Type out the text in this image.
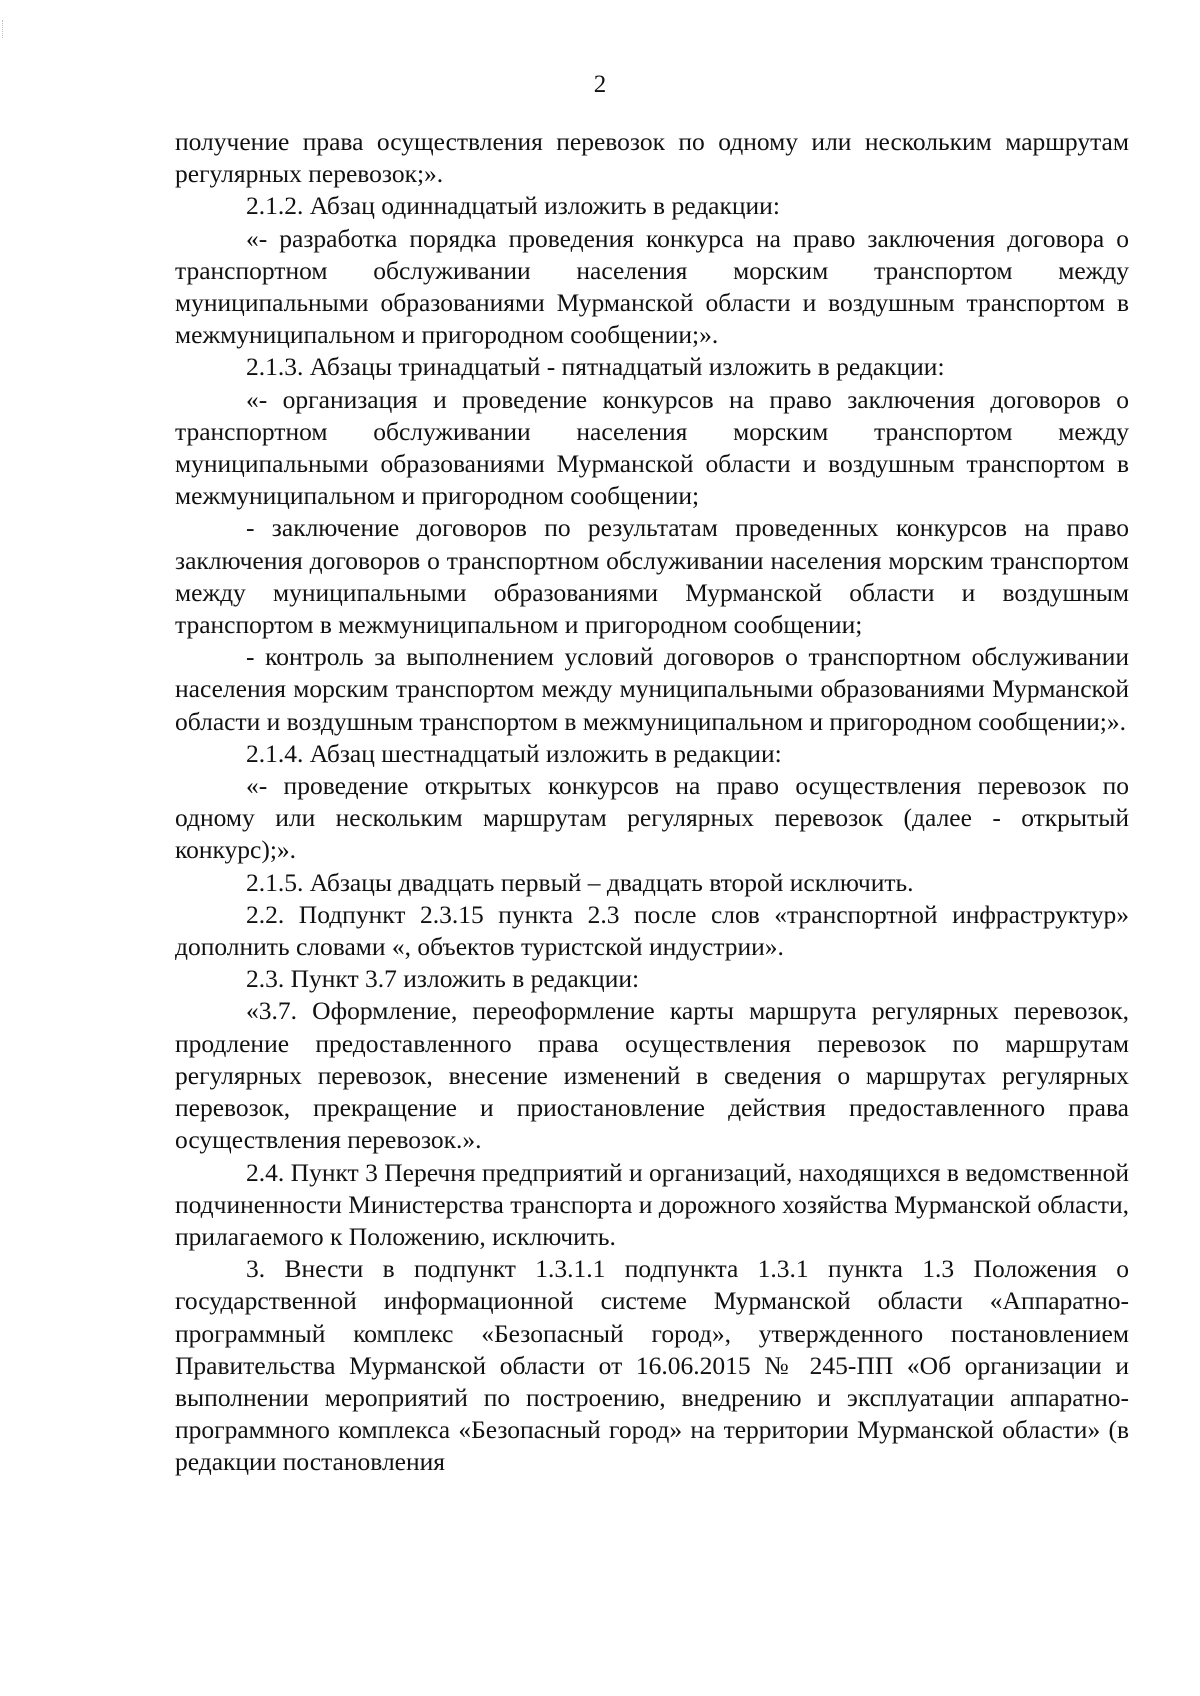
2

получение права осуществления перевозок по одному или нескольким маршрутам регулярных перевозок;».

2.1.2. Абзац одиннадцатый изложить в редакции:

«- разработка порядка проведения конкурса на право заключения договора о транспортном обслуживании населения морским транспортом между муниципальными образованиями Мурманской области и воздушным транспортом в межмуниципальном и пригородном сообщении;».

2.1.3. Абзацы тринадцатый - пятнадцатый изложить в редакции:

«- организация и проведение конкурсов на право заключения договоров о транспортном обслуживании населения морским транспортом между муниципальными образованиями Мурманской области и воздушным транспортом в межмуниципальном и пригородном сообщении;

- заключение договоров по результатам проведенных конкурсов на право заключения договоров о транспортном обслуживании населения морским транспортом между муниципальными образованиями Мурманской области и воздушным транспортом в межмуниципальном и пригородном сообщении;

- контроль за выполнением условий договоров о транспортном обслуживании населения морским транспортом между муниципальными образованиями Мурманской области и воздушным транспортом в межмуниципальном и пригородном сообщении;».

2.1.4. Абзац шестнадцатый изложить в редакции:

«- проведение открытых конкурсов на право осуществления перевозок по одному или нескольким маршрутам регулярных перевозок (далее - открытый конкурс);».

2.1.5. Абзацы двадцать первый – двадцать второй исключить.

2.2. Подпункт 2.3.15 пункта 2.3 после слов «транспортной инфраструктур» дополнить словами «, объектов туристской индустрии».

2.3. Пункт 3.7 изложить в редакции:

«3.7. Оформление, переоформление карты маршрута регулярных перевозок, продление предоставленного права осуществления перевозок по маршрутам регулярных перевозок, внесение изменений в сведения о маршрутах регулярных перевозок, прекращение и приостановление действия предоставленного права осуществления перевозок.».

2.4. Пункт 3 Перечня предприятий и организаций, находящихся в ведомственной подчиненности Министерства транспорта и дорожного хозяйства Мурманской области, прилагаемого к Положению, исключить.

3. Внести в подпункт 1.3.1.1 подпункта 1.3.1 пункта 1.3 Положения о государственной информационной системе Мурманской области «Аппаратно-программный комплекс «Безопасный город», утвержденного постановлением Правительства Мурманской области от 16.06.2015 № 245-ПП «Об организации и выполнении мероприятий по построению, внедрению и эксплуатации аппаратно-программного комплекса «Безопасный город» на территории Мурманской области» (в редакции постановления
